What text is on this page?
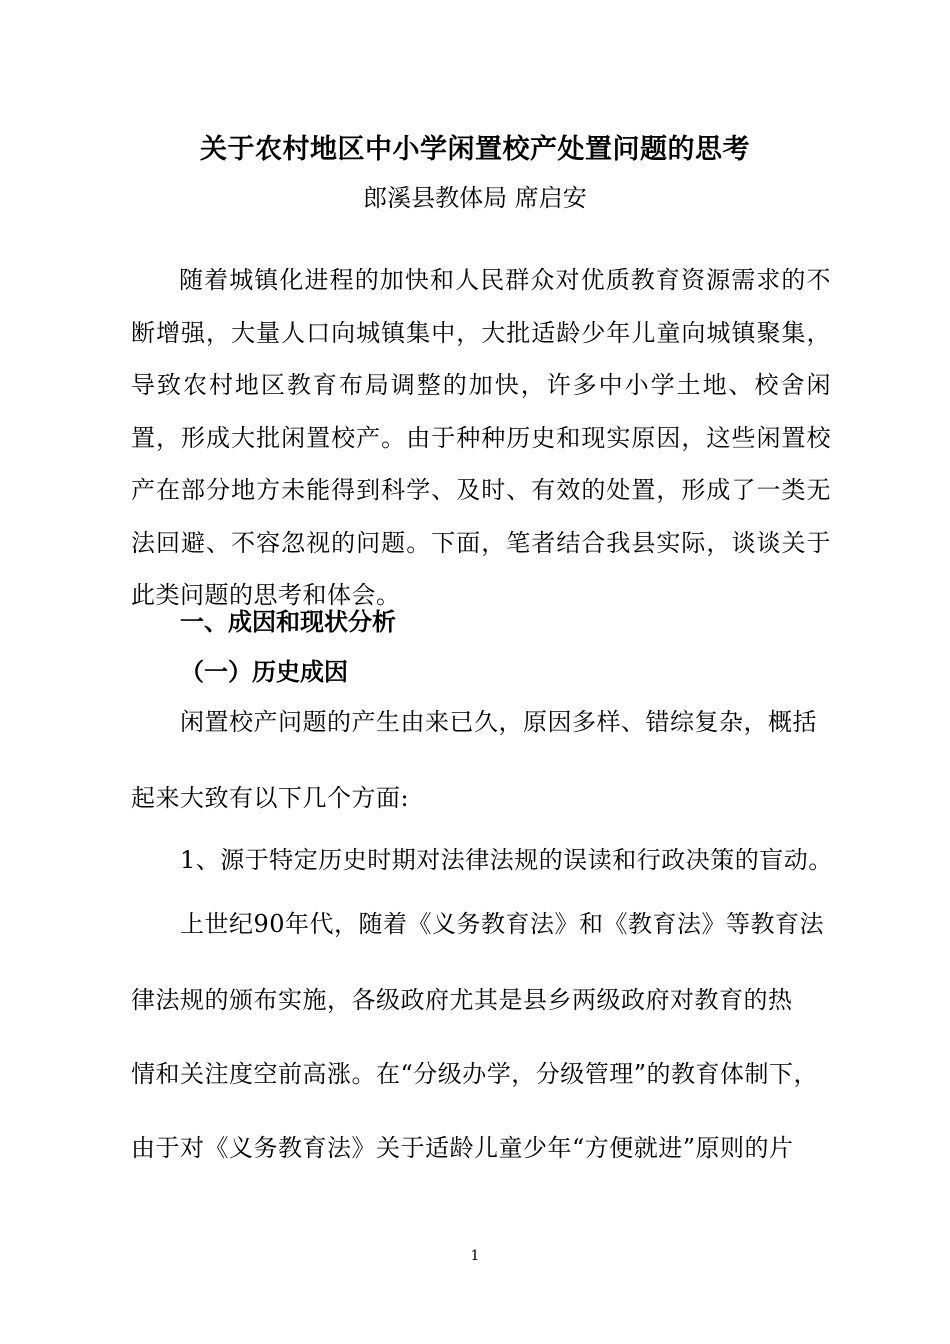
关于农村地区中小学闲置校产处置问题的思考
郎溪县教体局 席启安

随着城镇化进程的加快和人民群众对优质教育资源需求的不断增强，大量人口向城镇集中，大批适龄少年儿童向城镇聚集，导致农村地区教育布局调整的加快，许多中小学土地、校舍闲置，形成大批闲置校产。由于种种历史和现实原因，这些闲置校产在部分地方未能得到科学、及时、有效的处置，形成了一类无法回避、不容忽视的问题。下面，笔者结合我县实际，谈谈关于此类问题的思考和体会。

一、成因和现状分析
（一）历史成因
　　闲置校产问题的产生由来已久，原因多样、错综复杂，概括
起来大致有以下几个方面:
　　1、源于特定历史时期对法律法规的误读和行政决策的盲动。
　　上世纪90年代，随着《义务教育法》和《教育法》等教育法
律法规的颁布实施，各级政府尤其是县乡两级政府对教育的热
情和关注度空前高涨。在“分级办学，分级管理”的教育体制下，
由于对《义务教育法》关于适龄儿童少年“方便就进”原则的片
1
